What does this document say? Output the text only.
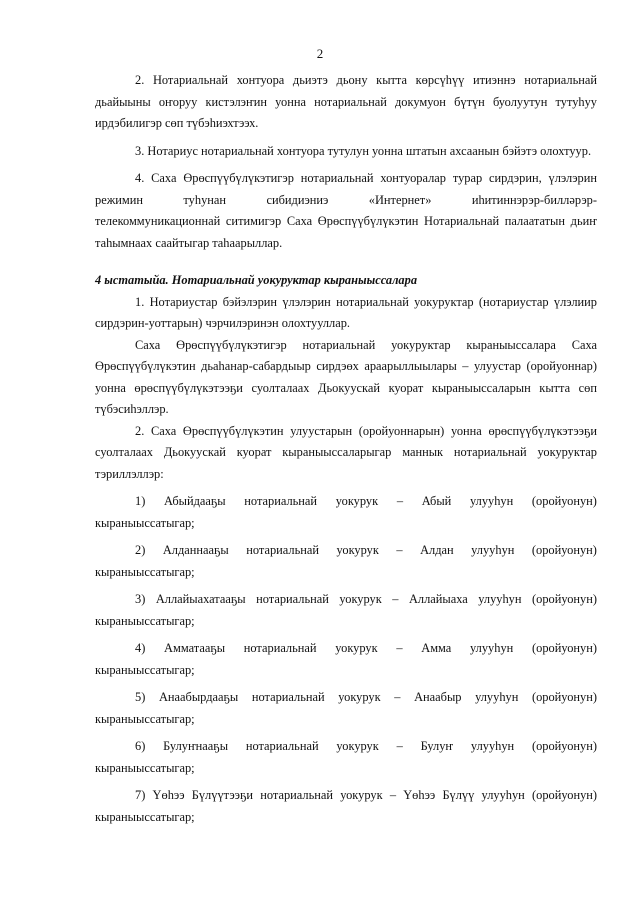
2

2. Нотариальнай хонтуора дьиэтэ дьону кытта көрсүһүү итиэннэ нотариальнай дьайыыны оҥоруу кистэлэҥин уонна нотариальнай докумуон бүтүн буолуутун тутуһуу ирдэбилигэр сөп түбэһиэхтээх.

3. Нотариус нотариальнай хонтуора тутулун уонна штатын ахсаанын бэйэтэ олохтуур.

4. Саха Өрөспүүбүлүкэтигэр нотариальнай хонтуоралар турар сирдэрин, үлэлэрин

режимин	туһунан	сибидиэниэ	«Интернет»	иһитиннэрэр-билләрэр-

телекоммуникационнай ситимигэр Саха Өрөспүүбүлүкэтин Нотариальнай палаататын дьиҥ таһымнаах саайтыгар таһаарыллар.

4 ыстатыйа. Нотариальнай уокуруктар кыраныыссалара

1. Нотариустар бэйэлэрин үлэлэрин нотариальнай уокуруктар (нотариустар үлэлиир сирдэрин-уоттарын) чэрчилэринэн олохтууллар.

Саха Өрөспүүбүлүкэтигэр нотариальнай уокуруктар кыраныыссалара Саха Өрөспүүбүлүкэтин дьаһанар-сабардыыр сирдэөх араарыллыылары – улуустар (оройуоннар) уонна өрөспүүбүлүкэтээҕи суолталаах Дьокуускай куорат кыраныыссаларын кытта сөп түбэсиһэллэр.

2. Саха Өрөспүүбүлүкэтин улуустарын (оройуоннарын) уонна өрөспүүбүлүкэтээҕи суолталаах Дьокуускай куорат кыраныыссаларыгар маннык нотариальнай уокуруктар тэриллэллэр:

1) Абыйдааҕы нотариальнай уокурук – Абый улууһун (оройуонун)

кыраныыссатыгар;

2) Алданнааҕы нотариальнай уокурук – Алдан улууһун (оройуонун)

кыраныыссатыгар;

3) Аллайыахатааҕы нотариальнай уокурук – Аллайыаха улууһун (оройуонун)

кыраныыссатыгар;

4) Амматааҕы нотариальнай уокурук – Амма улууһун (оройуонун)

кыраныыссатыгар;

5) Анаабырдааҕы нотариальнай уокурук – Анаабыр улууһун (оройуонун)

кыраныыссатыгар;

6) Булуҥнааҕы нотариальнай уокурук – Булуҥ улууһун (оройуонун)

кыраныыссатыгар;

7) Үөһээ Бүлүүтээҕи нотариальнай уокурук – Үөһээ Бүлүү улууһун (оройуонун)

кыраныыссатыгар;
